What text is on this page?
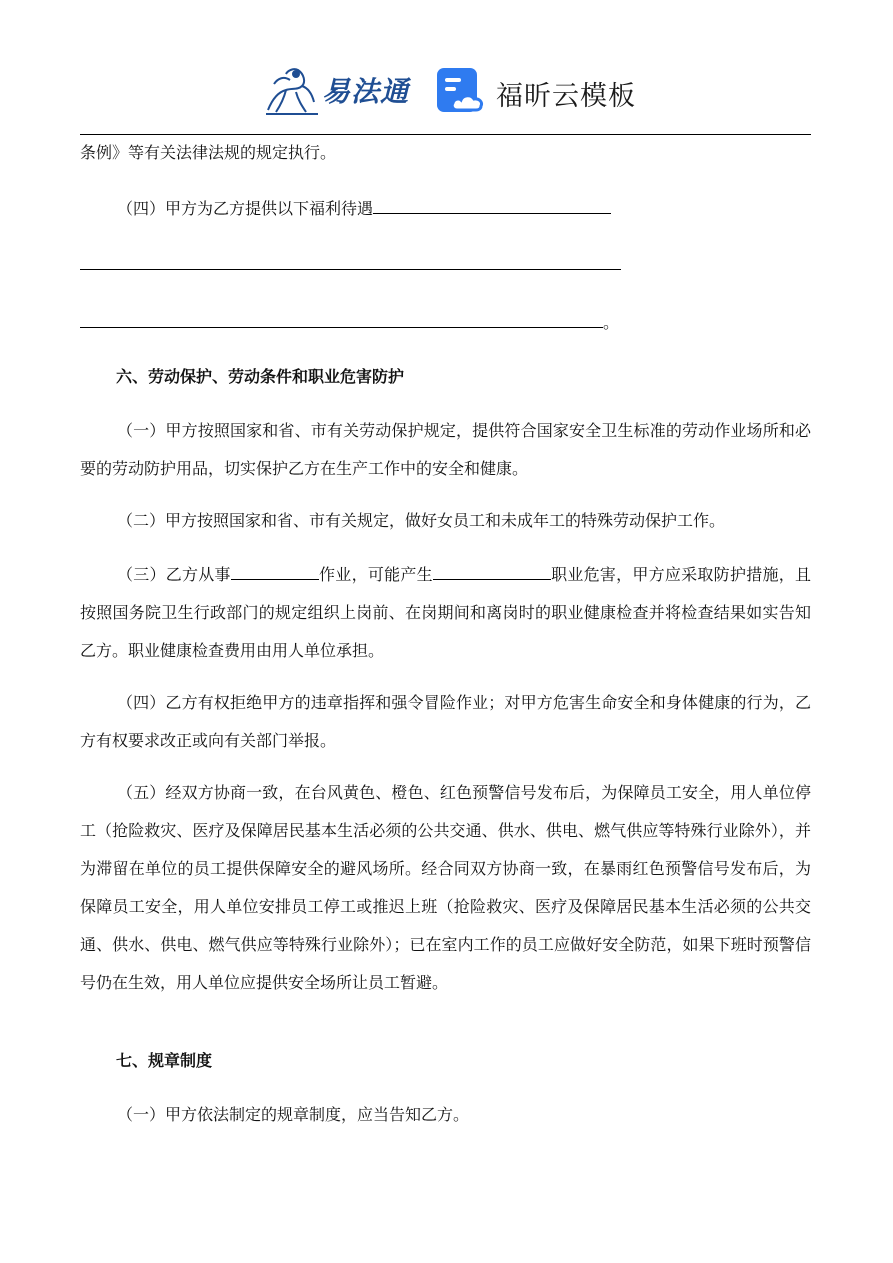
易法通	福昕云模板
条例》等有关法律法规的规定执行。
（四）甲方为乙方提供以下福利待遇
。
六、劳动保护、劳动条件和职业危害防护

（一）甲方按照国家和省、市有关劳动保护规定，提供符合国家安全卫生标准的劳动作业场所和必要的劳动防护用品，切实保护乙方在生产工作中的安全和健康。

（二）甲方按照国家和省、市有关规定，做好女员工和未成年工的特殊劳动保护工作。

（三）乙方从事	作业，可能产生	职业危害，甲方应采取防护措施，且按照国务院卫生行政部门的规定组织上岗前、在岗期间和离岗时的职业健康检查并将检查结果如实告知乙方。职业健康检查费用由用人单位承担。

（四）乙方有权拒绝甲方的违章指挥和强令冒险作业；对甲方危害生命安全和身体健康的行为，乙方有权要求改正或向有关部门举报。

（五）经双方协商一致，在台风黄色、橙色、红色预警信号发布后，为保障员工安全，用人单位停工（抢险救灾、医疗及保障居民基本生活必须的公共交通、供水、供电、燃气供应等特殊行业除外），并为滞留在单位的员工提供保障安全的避风场所。经合同双方协商一致，在暴雨红色预警信号发布后，为保障员工安全，用人单位安排员工停工或推迟上班（抢险救灾、医疗及保障居民基本生活必须的公共交通、供水、供电、燃气供应等特殊行业除外）；已在室内工作的员工应做好安全防范，如果下班时预警信号仍在生效，用人单位应提供安全场所让员工暂避。

七、规章制度

（一）甲方依法制定的规章制度，应当告知乙方。
